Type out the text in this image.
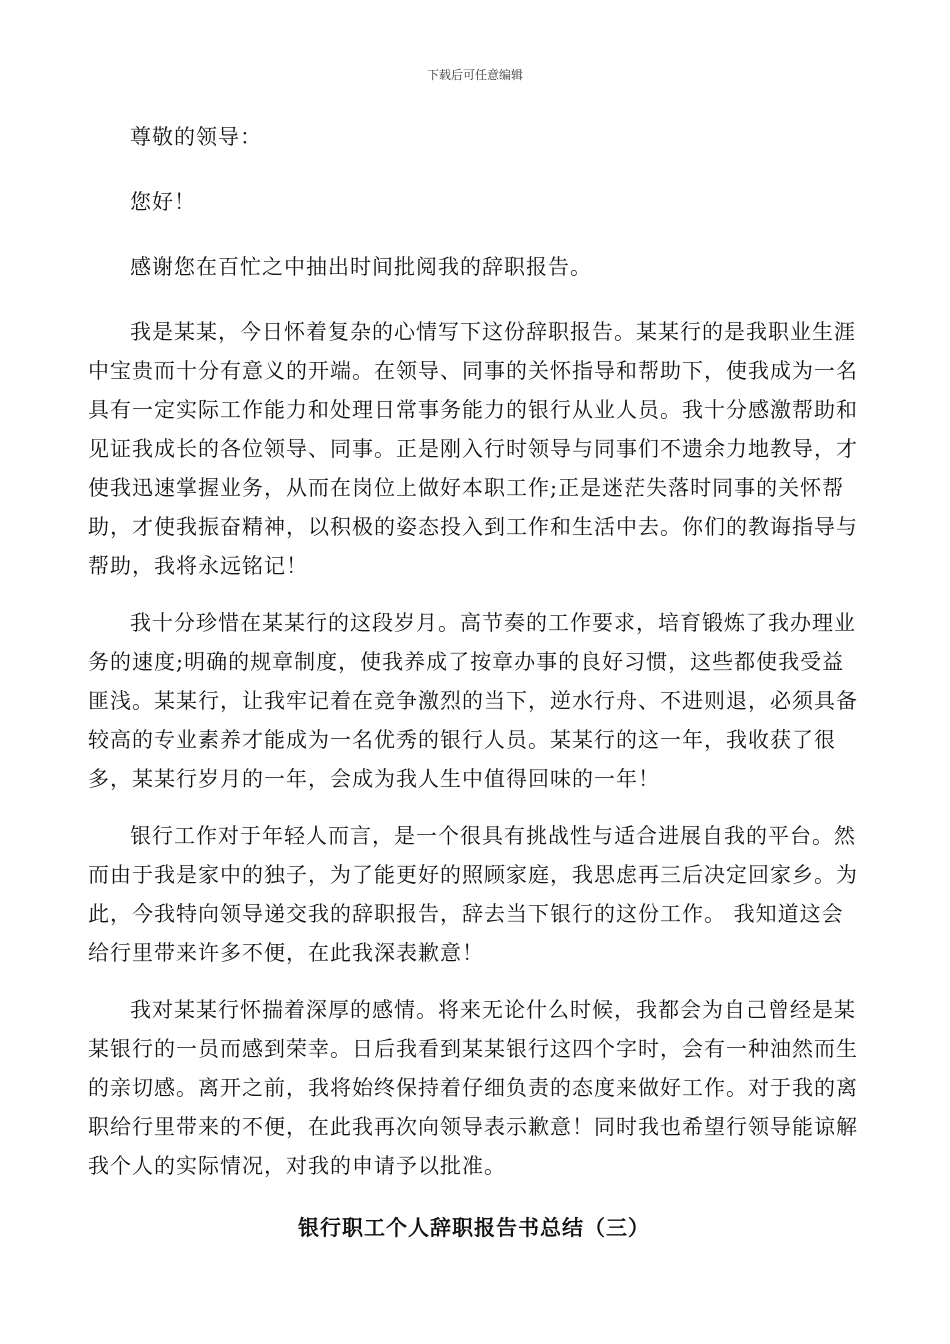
下载后可任意编辑

尊敬的领导：

您好！

感谢您在百忙之中抽出时间批阅我的辞职报告。

我是某某，今日怀着复杂的心情写下这份辞职报告。某某行的是我职业生涯中宝贵而十分有意义的开端。在领导、同事的关怀指导和帮助下，使我成为一名具有一定实际工作能力和处理日常事务能力的银行从业人员。我十分感激帮助和见证我成长的各位领导、同事。正是刚入行时领导与同事们不遗余力地教导，才使我迅速掌握业务，从而在岗位上做好本职工作;正是迷茫失落时同事的关怀帮助，才使我振奋精神，以积极的姿态投入到工作和生活中去。你们的教诲指导与帮助，我将永远铭记！

我十分珍惜在某某行的这段岁月。高节奏的工作要求，培育锻炼了我办理业务的速度;明确的规章制度，使我养成了按章办事的良好习惯，这些都使我受益匪浅。某某行，让我牢记着在竞争激烈的当下，逆水行舟、不进则退，必须具备较高的专业素养才能成为一名优秀的银行人员。某某行的这一年，我收获了很多，某某行岁月的一年，会成为我人生中值得回味的一年！

银行工作对于年轻人而言，是一个很具有挑战性与适合进展自我的平台。然而由于我是家中的独子，为了能更好的照顾家庭，我思虑再三后决定回家乡。为此，今我特向领导递交我的辞职报告，辞去当下银行的这份工作。 我知道这会给行里带来许多不便，在此我深表歉意！

我对某某行怀揣着深厚的感情。将来无论什么时候，我都会为自己曾经是某某银行的一员而感到荣幸。日后我看到某某银行这四个字时，会有一种油然而生的亲切感。离开之前，我将始终保持着仔细负责的态度来做好工作。对于我的离职给行里带来的不便，在此我再次向领导表示歉意！同时我也希望行领导能谅解我个人的实际情况，对我的申请予以批准。

银行职工个人辞职报告书总结（三）
